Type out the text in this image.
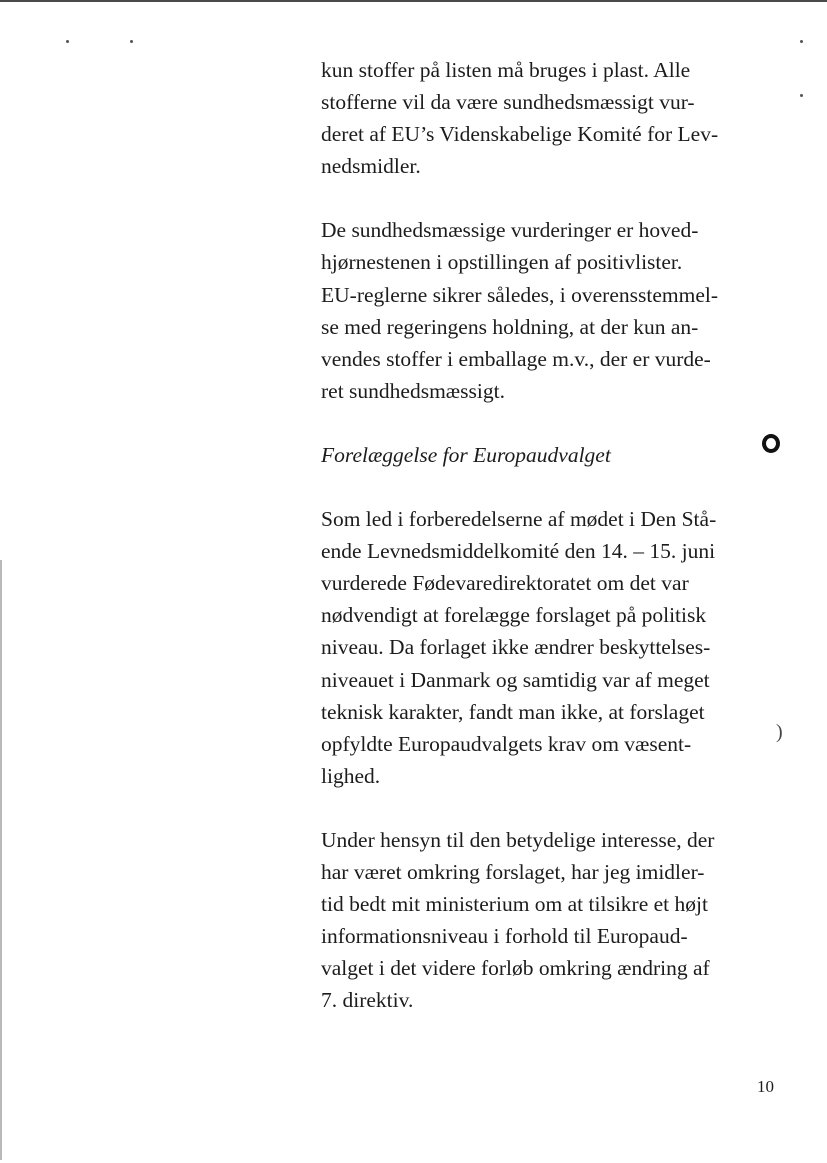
)

kun stoffer på listen må bruges i plast. Alle
stofferne vil da være sundhedsmæssigt vur-
deret af EU’s Videnskabelige Komité for Lev-
nedsmidler.

De sundhedsmæssige vurderinger er hoved-
hjørnestenen i opstillingen af positivlister.
EU-reglerne sikrer således, i overensstemmel-
se med regeringens holdning, at der kun an-
vendes stoffer i emballage m.v., der er vurde-
ret sundhedsmæssigt.

Forelæggelse for Europaudvalget

Som led i forberedelserne af mødet i Den Stå-
ende Levnedsmiddelkomité den 14. – 15. juni
vurderede Fødevaredirektoratet om det var
nødvendigt at forelægge forslaget på politisk
niveau. Da forlaget ikke ændrer beskyttelses-
niveauet i Danmark og samtidig var af meget
teknisk karakter, fandt man ikke, at forslaget
opfyldte Europaudvalgets krav om væsent-
lighed.

Under hensyn til den betydelige interesse, der
har været omkring forslaget, har jeg imidler-
tid bedt mit ministerium om at tilsikre et højt
informationsniveau i forhold til Europaud-
valget i det videre forløb omkring ændring af
7. direktiv.

10
